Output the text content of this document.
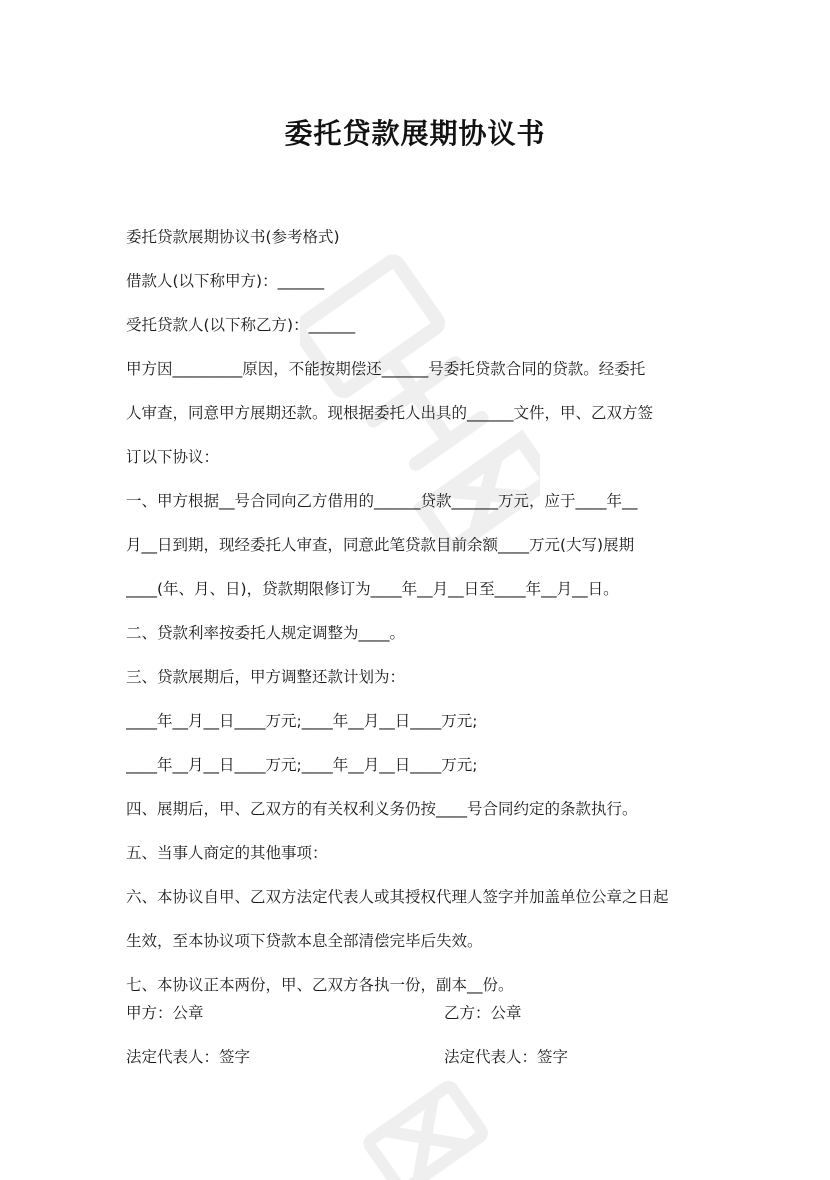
委托贷款展期协议书
委托贷款展期协议书(参考格式)
借款人(以下称甲方)：______
受托贷款人(以下称乙方)：______
甲方因_________原因，不能按期偿还______号委托贷款合同的贷款。经委托
人审查，同意甲方展期还款。现根据委托人出具的______文件，甲、乙双方签
订以下协议：
一、甲方根据__号合同向乙方借用的______贷款______万元，应于____年__
月__日到期，现经委托人审查，同意此笔贷款目前余额____万元(大写)展期
____(年、月、日)，贷款期限修订为____年__月__日至____年__月__日。
二、贷款利率按委托人规定调整为____。
三、贷款展期后，甲方调整还款计划为：
____年__月__日____万元;____年__月__日____万元;
____年__月__日____万元;____年__月__日____万元;
四、展期后，甲、乙双方的有关权利义务仍按____号合同约定的条款执行。
五、当事人商定的其他事项：
六、本协议自甲、乙双方法定代表人或其授权代理人签字并加盖单位公章之日起
生效，至本协议项下贷款本息全部清偿完毕后失效。
七、本协议正本两份，甲、乙双方各执一份，副本__份。
甲方：公章	乙方：公章
法定代表人：签字	法定代表人：签字
